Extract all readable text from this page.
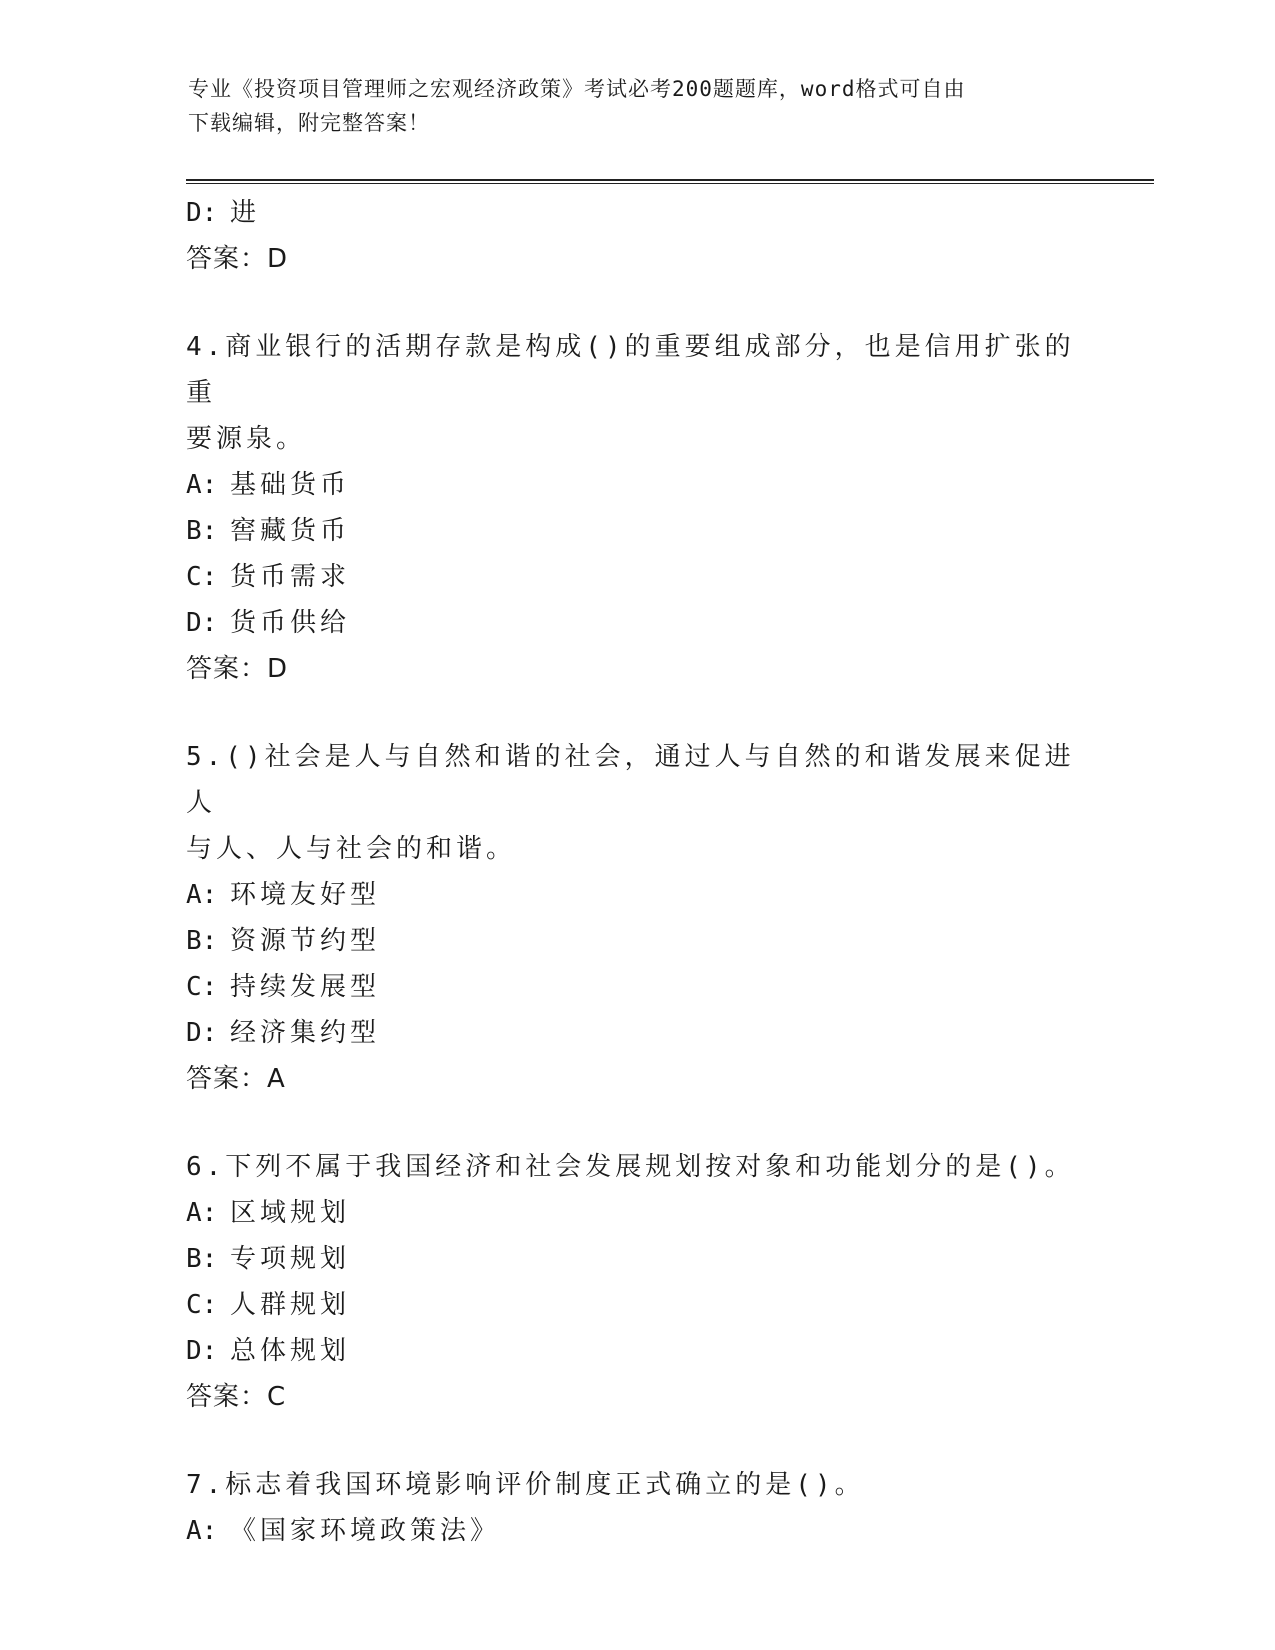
专业《投资项目管理师之宏观经济政策》考试必考200题题库，word格式可自由
下载编辑，附完整答案！
D: 进
答案：D
4.商业银行的活期存款是构成()的重要组成部分，也是信用扩张的重
要源泉。
A: 基础货币
B: 窖藏货币
C: 货币需求
D: 货币供给
答案：D
5.()社会是人与自然和谐的社会，通过人与自然的和谐发展来促进人
与人、人与社会的和谐。
A: 环境友好型
B: 资源节约型
C: 持续发展型
D: 经济集约型
答案：A
6.下列不属于我国经济和社会发展规划按对象和功能划分的是()。
A: 区域规划
B: 专项规划
C: 人群规划
D: 总体规划
答案：C
7.标志着我国环境影响评价制度正式确立的是()。
A: 《国家环境政策法》
